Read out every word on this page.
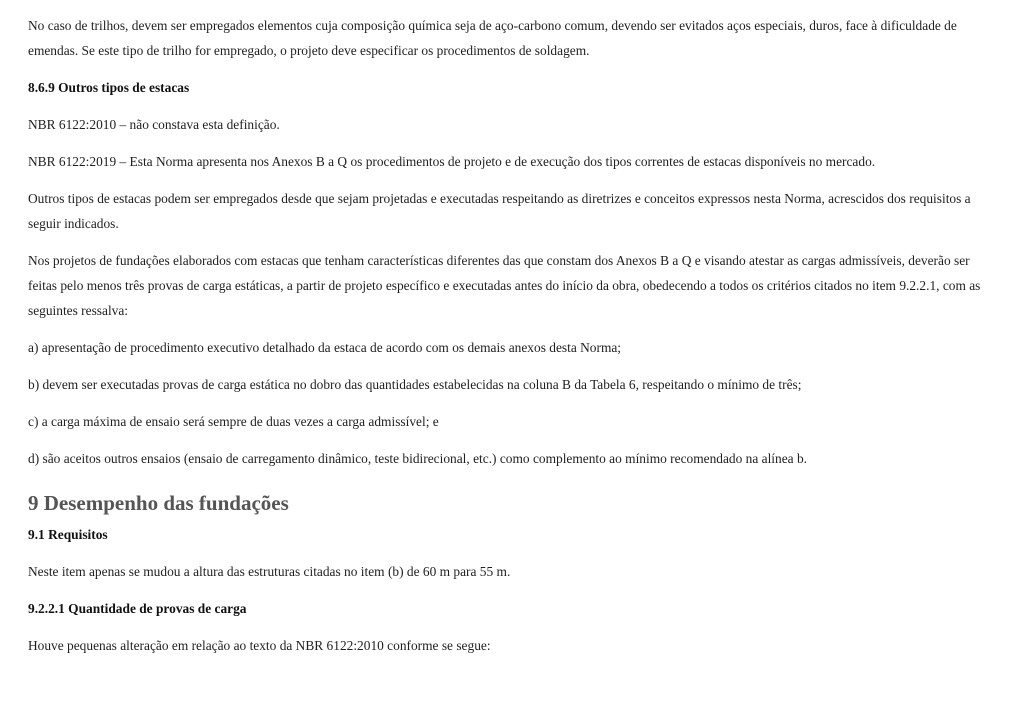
No caso de trilhos, devem ser empregados elementos cuja composição química seja de aço-carbono comum, devendo ser evitados aços especiais, duros, face à dificuldade de emendas. Se este tipo de trilho for empregado, o projeto deve especificar os procedimentos de soldagem.

8.6.9 Outros tipos de estacas

NBR 6122:2010 – não constava esta definição.

NBR 6122:2019 – Esta Norma apresenta nos Anexos B a Q os procedimentos de projeto e de execução dos tipos correntes de estacas disponíveis no mercado.

Outros tipos de estacas podem ser empregados desde que sejam projetadas e executadas respeitando as diretrizes e conceitos expressos nesta Norma, acrescidos dos requisitos a seguir indicados.

Nos projetos de fundações elaborados com estacas que tenham características diferentes das que constam dos Anexos B a Q e visando atestar as cargas admissíveis, deverão ser feitas pelo menos três provas de carga estáticas, a partir de projeto específico e executadas antes do início da obra, obedecendo a todos os critérios citados no item 9.2.2.1, com as seguintes ressalva:

a) apresentação de procedimento executivo detalhado da estaca de acordo com os demais anexos desta Norma;

b) devem ser executadas provas de carga estática no dobro das quantidades estabelecidas na coluna B da Tabela 6, respeitando o mínimo de três;

c) a carga máxima de ensaio será sempre de duas vezes a carga admissível; e

d) são aceitos outros ensaios (ensaio de carregamento dinâmico, teste bidirecional, etc.) como complemento ao mínimo recomendado na alínea b.

9 Desempenho das fundações
9.1 Requisitos

Neste item apenas se mudou a altura das estruturas citadas no item (b) de 60 m para 55 m.

9.2.2.1 Quantidade de provas de carga

Houve pequenas alteração em relação ao texto da NBR 6122:2010 conforme se segue:
